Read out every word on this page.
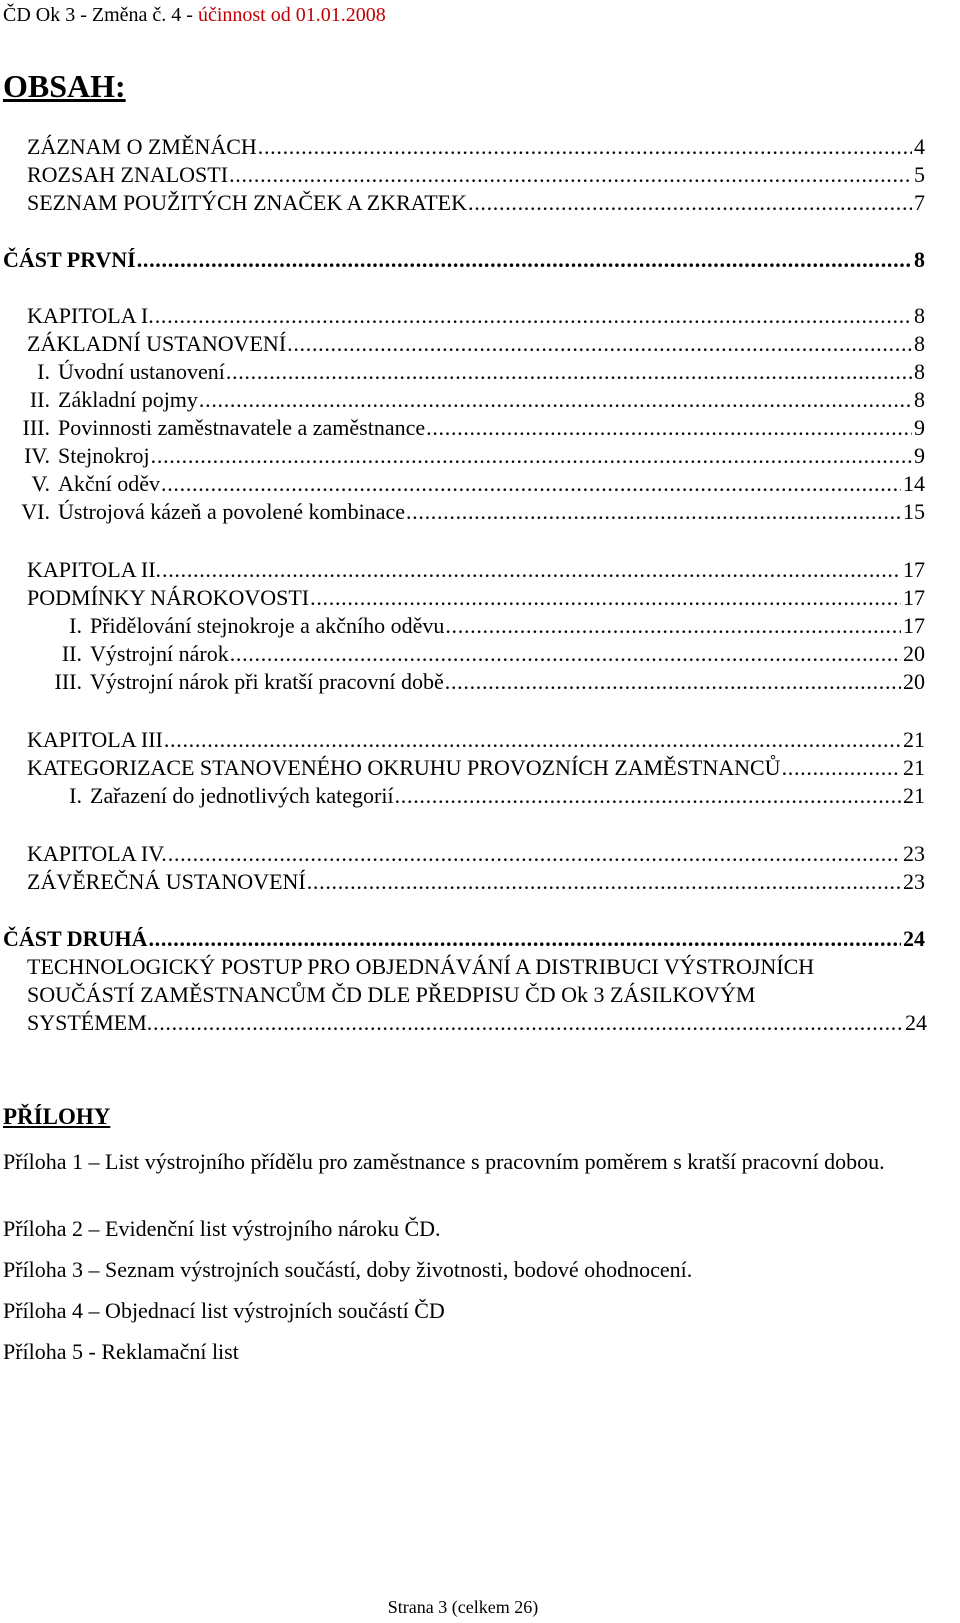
ČD Ok 3 - Změna č. 4 - účinnost od 01.01.2008
OBSAH:
ZÁZNAM O ZMĚNÁCH . . .	4
ROZSAH ZNALOSTI . . .	5
SEZNAM POUŽITÝCH ZNAČEK A ZKRATEK . . .	7
ČÁST PRVNÍ . . .	8
KAPITOLA I. . . .	8
ZÁKLADNÍ USTANOVENÍ . . .	8
I. Úvodní ustanovení . . .	8
II. Základní pojmy . . .	8
III. Povinnosti zaměstnavatele a zaměstnance . . .	9
IV. Stejnokroj . . .	9
V. Akční oděv . . .	14
VI. Ústrojová kázeň a povolené kombinace . . .	15
KAPITOLA II. . . .	17
PODMÍNKY NÁROKOVOSTI . . .	17
I. Přidělování stejnokroje a akčního oděvu . . .	17
II. Výstrojní nárok . . .	20
III. Výstrojní nárok při kratší pracovní době . . .	20
KAPITOLA III . . .	21
KATEGORIZACE STANOVENÉHO OKRUHU PROVOZNÍCH ZAMĚSTNANCŮ . . .	21
I. Zařazení do jednotlivých kategorií . . .	21
KAPITOLA IV. . . .	23
ZÁVĚREČNÁ USTANOVENÍ . . .	23
ČÁST DRUHÁ . . .	24
TECHNOLOGICKÝ POSTUP PRO OBJEDNÁVÁNÍ A DISTRIBUCI VÝSTROJNÍCH
SOUČÁSTÍ ZAMĚSTNANCŮM ČD DLE PŘEDPISU ČD Ok 3 ZÁSILKOVÝM
SYSTÉMEM . . .	24
PŘÍLOHY
Příloha 1 – List výstrojního přídělu pro zaměstnance s pracovním poměrem s kratší pracovní dobou.
Příloha 2 – Evidenční list výstrojního nároku ČD.
Příloha 3 – Seznam výstrojních součástí, doby životnosti, bodové ohodnocení.
Příloha 4 – Objednací list výstrojních součástí ČD
Příloha 5 - Reklamační list
Strana 3 (celkem 26)
